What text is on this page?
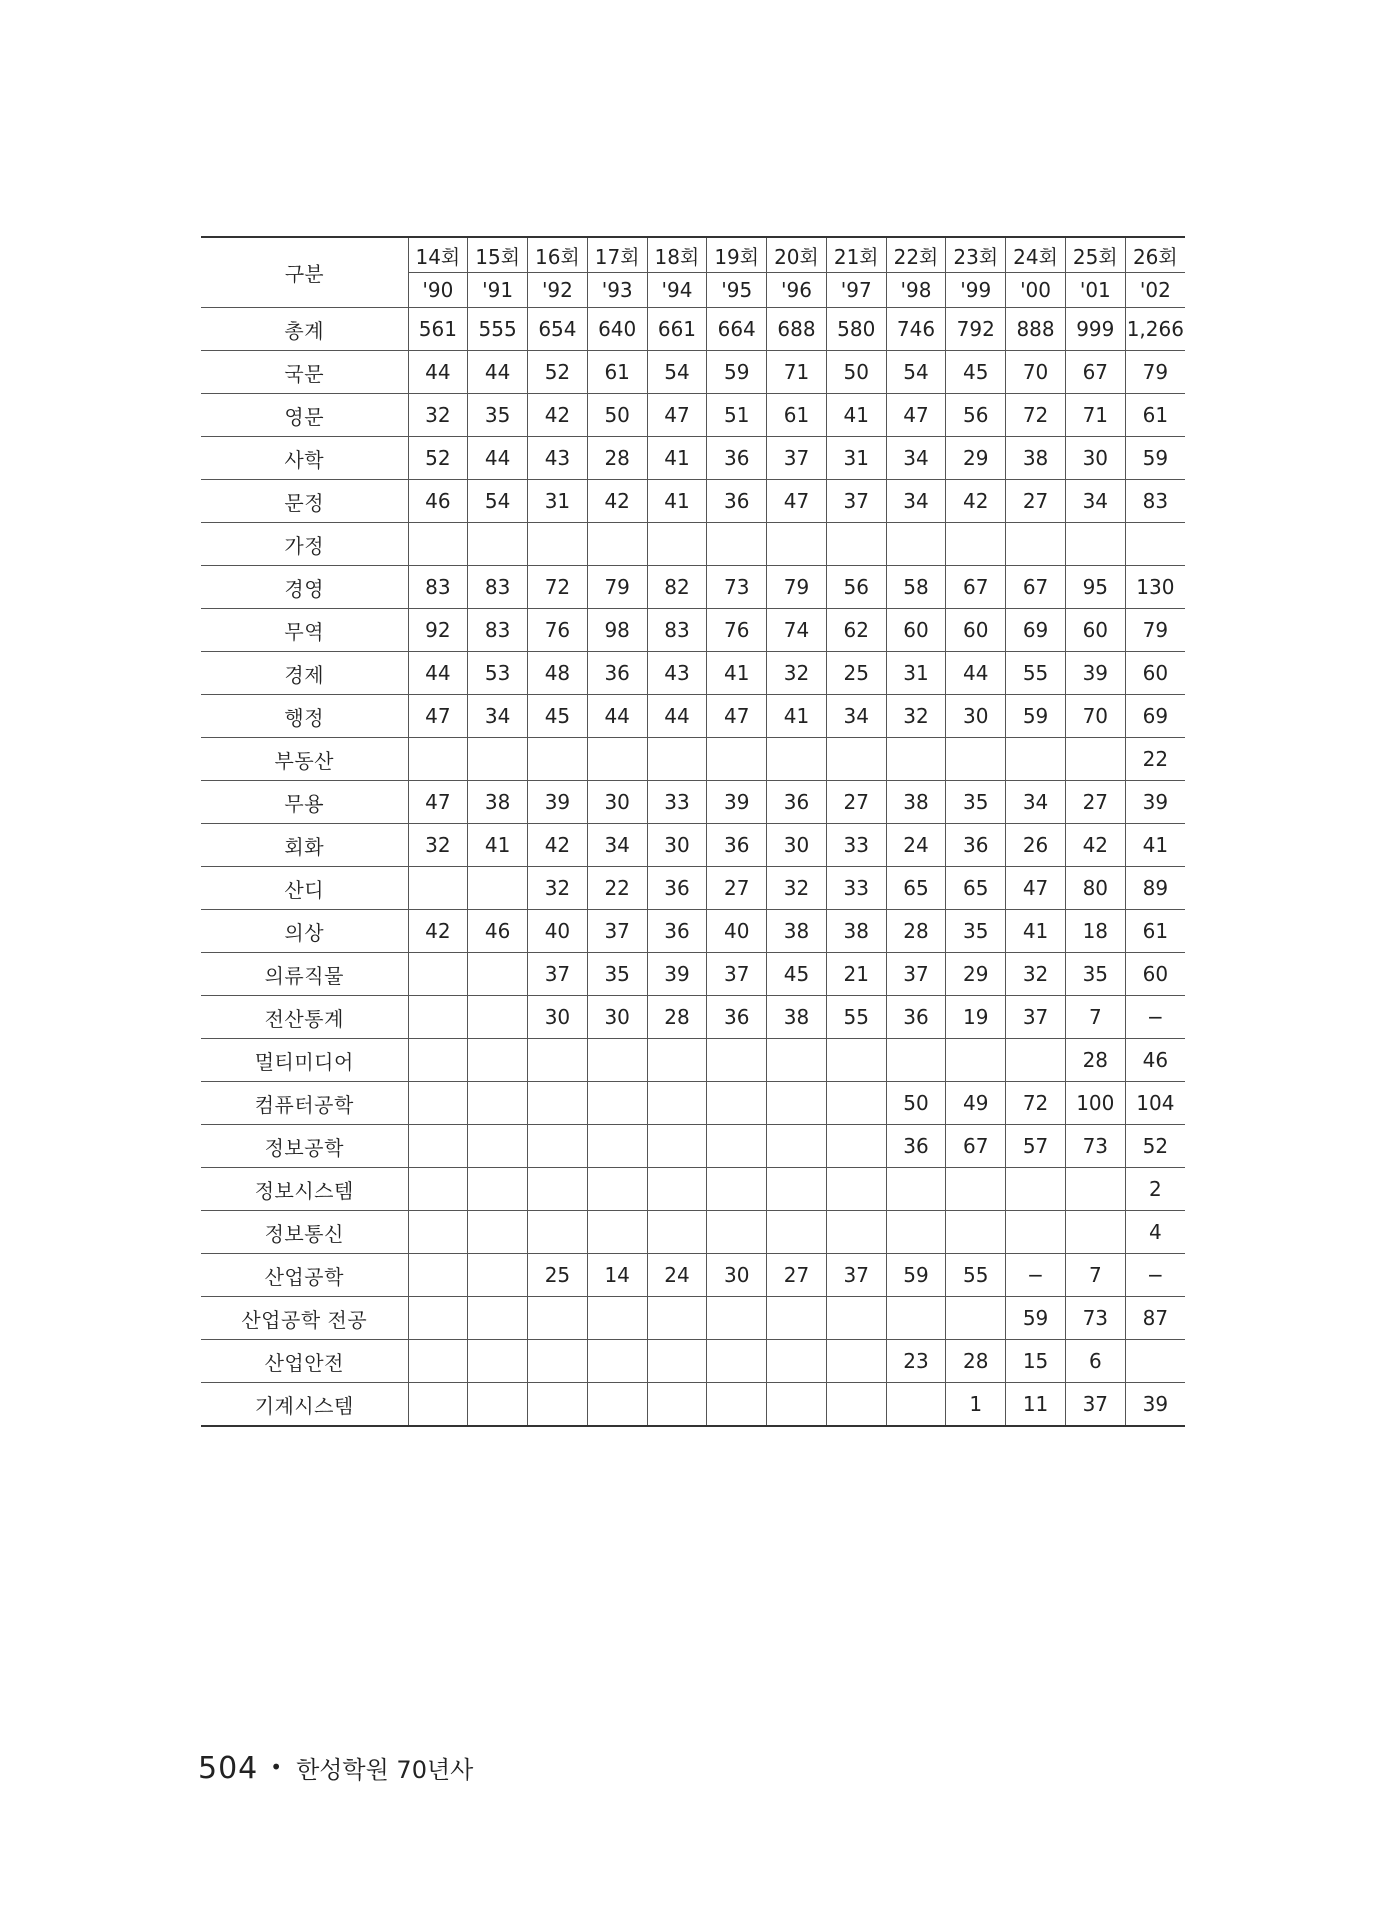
구분	14회	15회	16회	17회	18회	19회	20회	21회	22회	23회	24회	25회	26회
	'90	'91	'92	'93	'94	'95	'96	'97	'98	'99	'00	'01	'02
총계	561	555	654	640	661	664	688	580	746	792	888	999	1,266
국문	44	44	52	61	54	59	71	50	54	45	70	67	79
영문	32	35	42	50	47	51	61	41	47	56	72	71	61
사학	52	44	43	28	41	36	37	31	34	29	38	30	59
문정	46	54	31	42	41	36	47	37	34	42	27	34	83
가정													
경영	83	83	72	79	82	73	79	56	58	67	67	95	130
무역	92	83	76	98	83	76	74	62	60	60	69	60	79
경제	44	53	48	36	43	41	32	25	31	44	55	39	60
행정	47	34	45	44	44	47	41	34	32	30	59	70	69
부동산													22
무용	47	38	39	30	33	39	36	27	38	35	34	27	39
회화	32	41	42	34	30	36	30	33	24	36	26	42	41
산디			32	22	36	27	32	33	65	65	47	80	89
의상	42	46	40	37	36	40	38	38	28	35	41	18	61
의류직물			37	35	39	37	45	21	37	29	32	35	60
전산통계			30	30	28	36	38	55	36	19	37	7	−
멀티미디어												28	46
컴퓨터공학									50	49	72	100	104
정보공학									36	67	57	73	52
정보시스템													2
정보통신													4
산업공학			25	14	24	30	27	37	59	55	−	7	−
산업공학 전공											59	73	87
산업안전									23	28	15	6	
기계시스템										1	11	37	39
504 • 한성학원 70년사
